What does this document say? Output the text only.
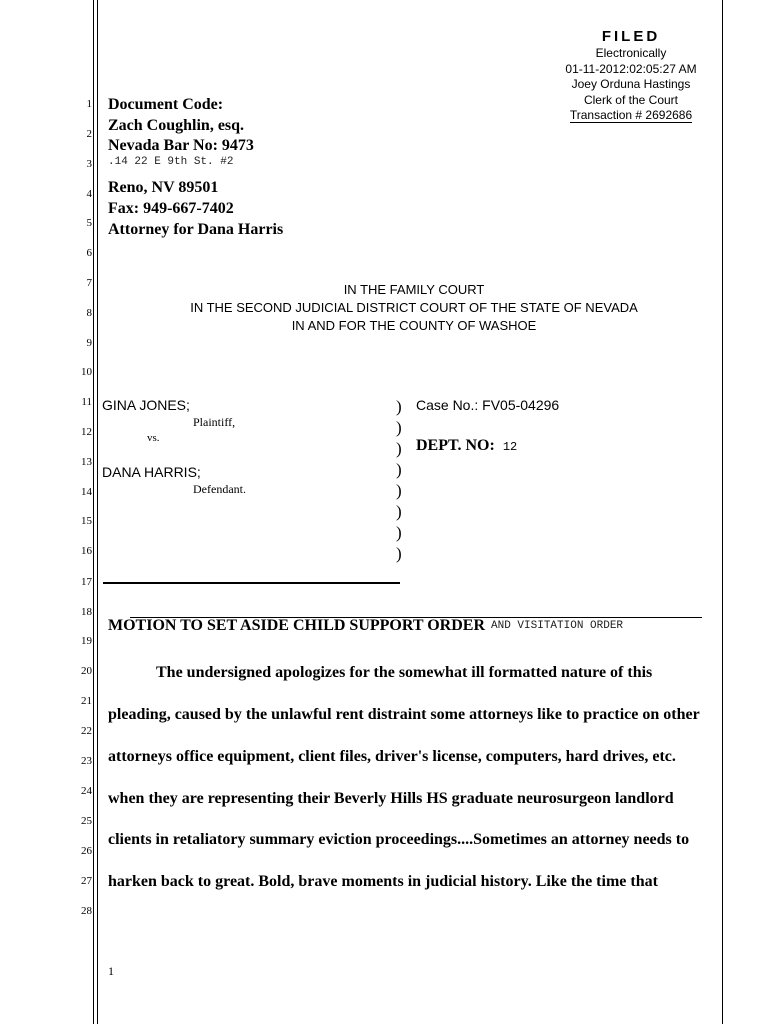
1
2
3
4
5
6
7
8
9
10
11
12
13
14
15
16
17
18
19
20
21
22
23
24
25
26
27
28
FILED
Electronically
01-11-2012:02:05:27 AM
Joey Orduna Hastings
Clerk of the Court
Transaction # 2692686
Document Code:
Zach Coughlin, esq.
Nevada Bar No: 9473
.14 22 E 9th St. #2
Reno, NV 89501
Fax: 949-667-7402
Attorney for Dana Harris
IN THE FAMILY COURT
IN THE SECOND JUDICIAL DISTRICT COURT OF THE STATE OF NEVADA
IN AND FOR THE COUNTY OF WASHOE
GINA JONES;
Plaintiff,
vs.
DANA HARRIS;
Defendant.
)
)
)
)
)
)
)
)
Case No.: FV05-04296
DEPT. NO: 12
MOTION TO SET ASIDE CHILD SUPPORT ORDER AND VISITATION ORDER
The undersigned apologizes for the somewhat ill formatted nature of this
pleading, caused by the unlawful rent distraint some attorneys like to practice on other
attorneys office equipment, client files, driver's license, computers, hard drives, etc.
when they are representing their Beverly Hills HS graduate neurosurgeon landlord
clients in retaliatory summary eviction proceedings....Sometimes an attorney needs to
harken back to great. Bold, brave moments in judicial history. Like the time that
1
